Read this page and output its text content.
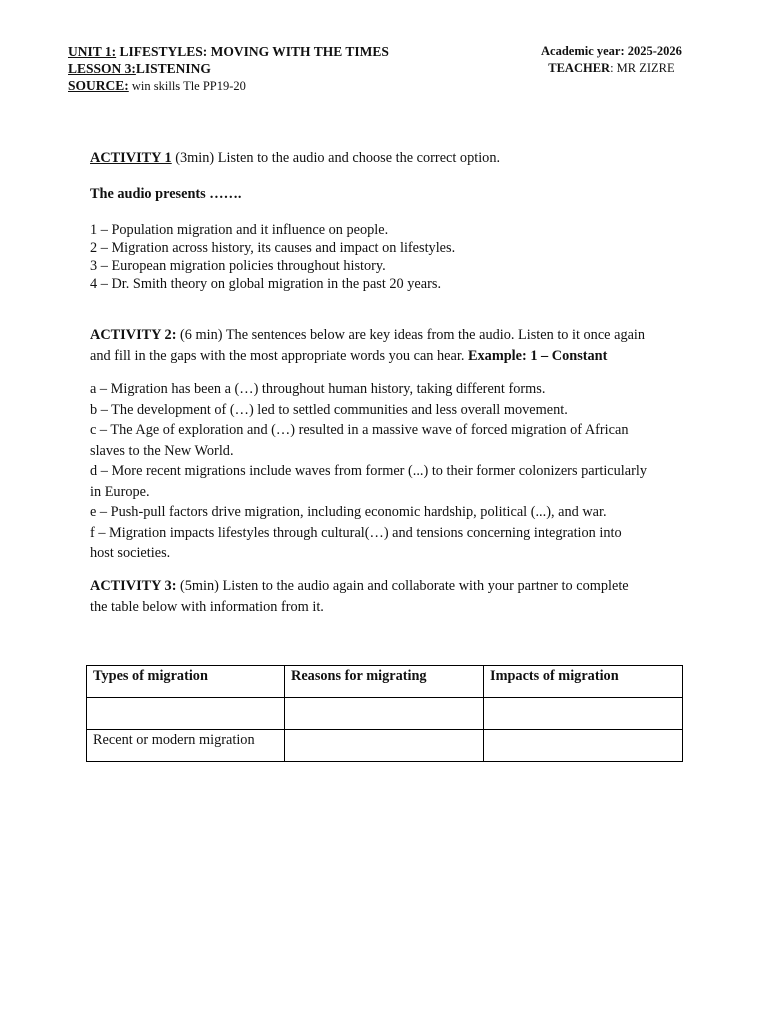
UNIT 1: LIFESTYLES: MOVING WITH THE TIMES
LESSON 3:LISTENING
SOURCE: win skills Tle PP19-20
Academic year: 2025-2026
TEACHER: MR ZIZRE

ACTIVITY 1 (3min) Listen to the audio and choose the correct option.

The audio presents …….

1 – Population migration and it influence on people.
2 – Migration across history, its causes and impact on lifestyles.
3 – European migration policies throughout history.
4 – Dr. Smith theory on global migration in the past 20 years.
ACTIVITY 2: (6 min) The sentences below are key ideas from the audio. Listen to it once again
and fill in the gaps with the most appropriate words you can hear. Example: 1 – Constant
a – Migration has been a (…) throughout human history, taking different forms.
b – The development of (…) led to settled communities and less overall movement.
c – The Age of exploration and (…) resulted in a massive wave of forced migration of African
slaves to the New World.
d – More recent migrations include waves from former (...) to their former colonizers particularly
in Europe.
e – Push-pull factors drive migration, including economic hardship, political (...), and war.
f – Migration impacts lifestyles through cultural(…) and tensions concerning integration into
host societies.
ACTIVITY 3: (5min) Listen to the audio again and collaborate with your partner to complete
the table below with information from it.
Types of migration	Reasons for migrating	Impacts of migration

Recent or modern migration		
